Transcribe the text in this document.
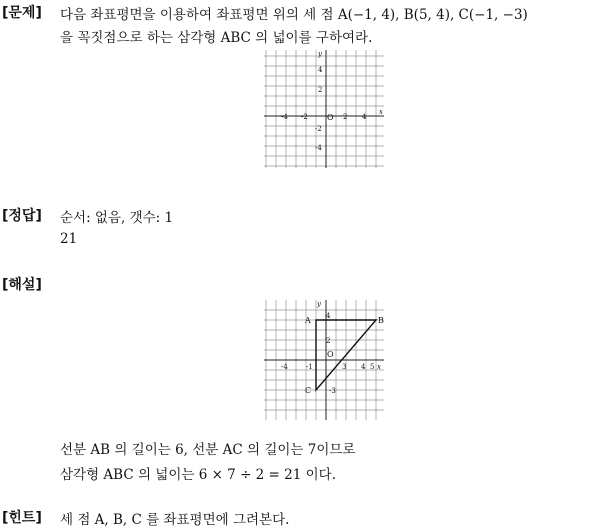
[문제] 다음 좌표평면을 이용하여 좌표평면 위의 세 점 A(−1, 4), B(5, 4), C(−1, −3)
을 꼭짓점으로 하는 삼각형 ABC 의 넓이를 구하여라.
y
x
O
-4 -2	2 4
4
2
-2
-4
[정답] 순서: 없음, 갯수: 1
21
[해설]
y
x
O
-4	-1	3 4 5
4
2
-3
A	B
C
선분 AB 의 길이는 6, 선분 AC 의 길이는 7이므로
삼각형 ABC 의 넓이는 6 × 7 ÷ 2 = 21 이다.
[힌트] 세 점 A, B, C 를 좌표평면에 그려본다.
